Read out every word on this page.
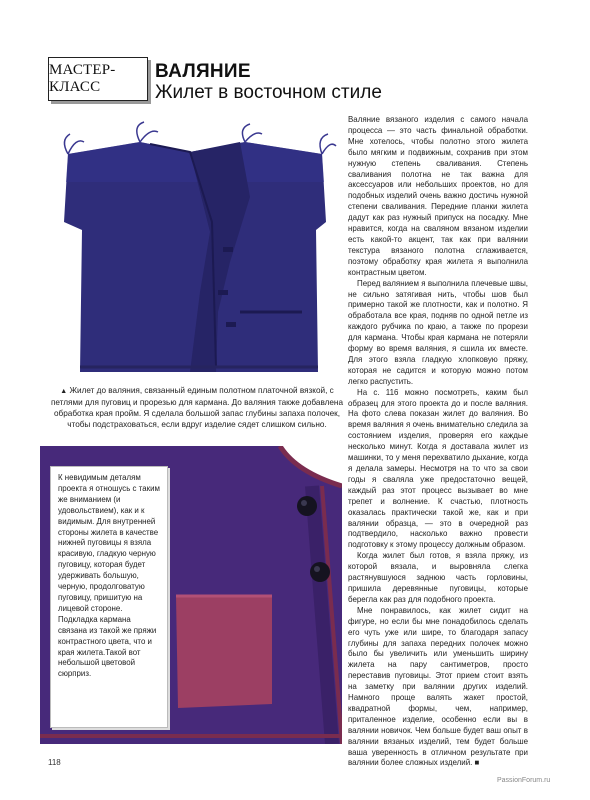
МАСТЕР-КЛАСС
ВАЛЯНИЕ
Жилет в восточном стиле
▲ Жилет до валяния, связанный единым полотном платочной вязкой, с петлями для пуговиц и прорезью для кармана. До валяния также добавлена обработка края пройм. Я сделала большой запас глубины запаха полочек, чтобы подстраховаться, если вдруг изделие сядет слишком сильно.
К невидимым деталям проекта я отношусь с таким же вниманием (и удовольствием), как и к видимым. Для внутренней стороны жилета в качестве нижней пуговицы я взяла красивую, гладкую черную пуговицу, которая будет удерживать большую, черную, продолговатую пуговицу, пришитую на лицевой стороне. Подкладка кармана связана из такой же пряжи контрастного цвета, что и края жилета.Такой вот небольшой цветовой сюрприз.

Валяние вязаного изделия с самого начала процесса — это часть финальной обработки. Мне хотелось, чтобы полотно этого жилета было мягким и подвижным, сохранив при этом нужную степень сваливания. Степень сваливания полотна не так важна для аксессуаров или небольших проектов, но для подобных изделий очень важно достичь нужной степени сваливания. Передние планки жилета дадут как раз нужный припуск на посадку. Мне нравится, когда на сваляном вязаном изделии есть какой-то акцент, так как при валянии текстура вязаного полотна сглаживается, поэтому обработку края жилета я выполнила контрастным цветом.

Перед валянием я выполнила плечевые швы, не сильно затягивая нить, чтобы шов был примерно такой же плотности, как и полотно. Я обработала все края, подняв по одной петле из каждого рубчика по краю, а также по прорези для кармана. Чтобы края кармана не потеряли форму во время валяния, я сшила их вместе. Для этого взяла гладкую хлопковую пряжу, которая не садится и которую можно потом легко распустить.

На с. 116 можно посмотреть, каким был образец для этого проекта до и после валяния. На фото слева показан жилет до валяния. Во время валяния я очень внимательно следила за состоянием изделия, проверяя его каждые несколько минут. Когда я доставала жилет из машинки, то у меня перехватило дыхание, когда я делала замеры. Несмотря на то что за свои годы я сваляла уже предостаточно вещей, каждый раз этот процесс вызывает во мне трепет и волнение. К счастью, плотность оказалась практически такой же, как и при валянии образца, — это в очередной раз подтвердило, насколько важно провести подготовку к этому процессу должным образом.

Когда жилет был готов, я взяла пряжу, из которой вязала, и выровняла слегка растянувшуюся заднюю часть горловины, пришила деревянные пуговицы, которые берегла как раз для подобного проекта.

Мне понравилось, как жилет сидит на фигуре, но если бы мне понадобилось сделать его чуть уже или шире, то благодаря запасу глубины для запаха передних полочек можно было бы увеличить или уменьшить ширину жилета на пару сантиметров, просто переставив пуговицы. Этот прием стоит взять на заметку при валянии других изделий. Намного проще валять жакет простой, квадратной формы, чем, например, приталенное изделие, особенно если вы в валянии новичок. Чем больше будет ваш опыт в валянии вязаных изделий, тем будет больше ваша уверенность в отличном результате при валянии более сложных изделий. ■

118
PassionForum.ru
